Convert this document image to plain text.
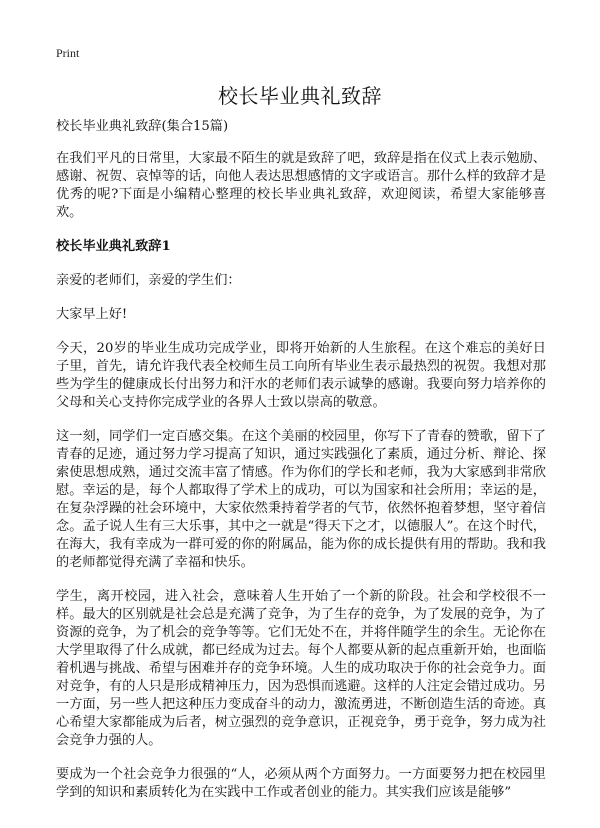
Print

校长毕业典礼致辞

校长毕业典礼致辞(集合15篇)

在我们平凡的日常里，大家最不陌生的就是致辞了吧，致辞是指在仪式上表示勉励、感谢、祝贺、哀悼等的话，向他人表达思想感情的文字或语言。那什么样的致辞才是优秀的呢?下面是小编精心整理的校长毕业典礼致辞，欢迎阅读，希望大家能够喜欢。

校长毕业典礼致辞1

亲爱的老师们，亲爱的学生们：

大家早上好!

今天，20岁的毕业生成功完成学业，即将开始新的人生旅程。在这个难忘的美好日子里，首先，请允许我代表全校师生员工向所有毕业生表示最热烈的祝贺。我想对那些为学生的健康成长付出努力和汗水的老师们表示诚挚的感谢。我要向努力培养你的父母和关心支持你完成学业的各界人士致以崇高的敬意。

这一刻，同学们一定百感交集。在这个美丽的校园里，你写下了青春的赞歌，留下了青春的足迹，通过努力学习提高了知识，通过实践强化了素质，通过分析、辩论、探索使思想成熟，通过交流丰富了情感。作为你们的学长和老师，我为大家感到非常欣慰。幸运的是，每个人都取得了学术上的成功，可以为国家和社会所用；幸运的是，在复杂浮躁的社会环境中，大家依然秉持着学者的气节，依然怀抱着梦想，坚守着信念。孟子说人生有三大乐事，其中之一就是“得天下之才，以德服人”。在这个时代，在海大，我有幸成为一群可爱的你的附属品，能为你的成长提供有用的帮助。我和我的老师都觉得充满了幸福和快乐。

学生，离开校园，进入社会，意味着人生开始了一个新的阶段。社会和学校很不一样。最大的区别就是社会总是充满了竞争，为了生存的竞争，为了发展的竞争，为了资源的竞争，为了机会的竞争等等。它们无处不在，并将伴随学生的余生。无论你在大学里取得了什么成就，都已经成为过去。每个人都要从新的起点重新开始，也面临着机遇与挑战、希望与困难并存的竞争环境。人生的成功取决于你的社会竞争力。面对竞争，有的人只是形成精神压力，因为恐惧而逃避。这样的人注定会错过成功。另一方面，另一些人把这种压力变成奋斗的动力，激流勇进，不断创造生活的奇迹。真心希望大家都能成为后者，树立强烈的竞争意识，正视竞争，勇于竞争，努力成为社会竞争力强的人。

要成为一个社会竞争力很强的“人，必须从两个方面努力。一方面要努力把在校园里学到的知识和素质转化为在实践中工作或者创业的能力。其实我们应该是能够”
